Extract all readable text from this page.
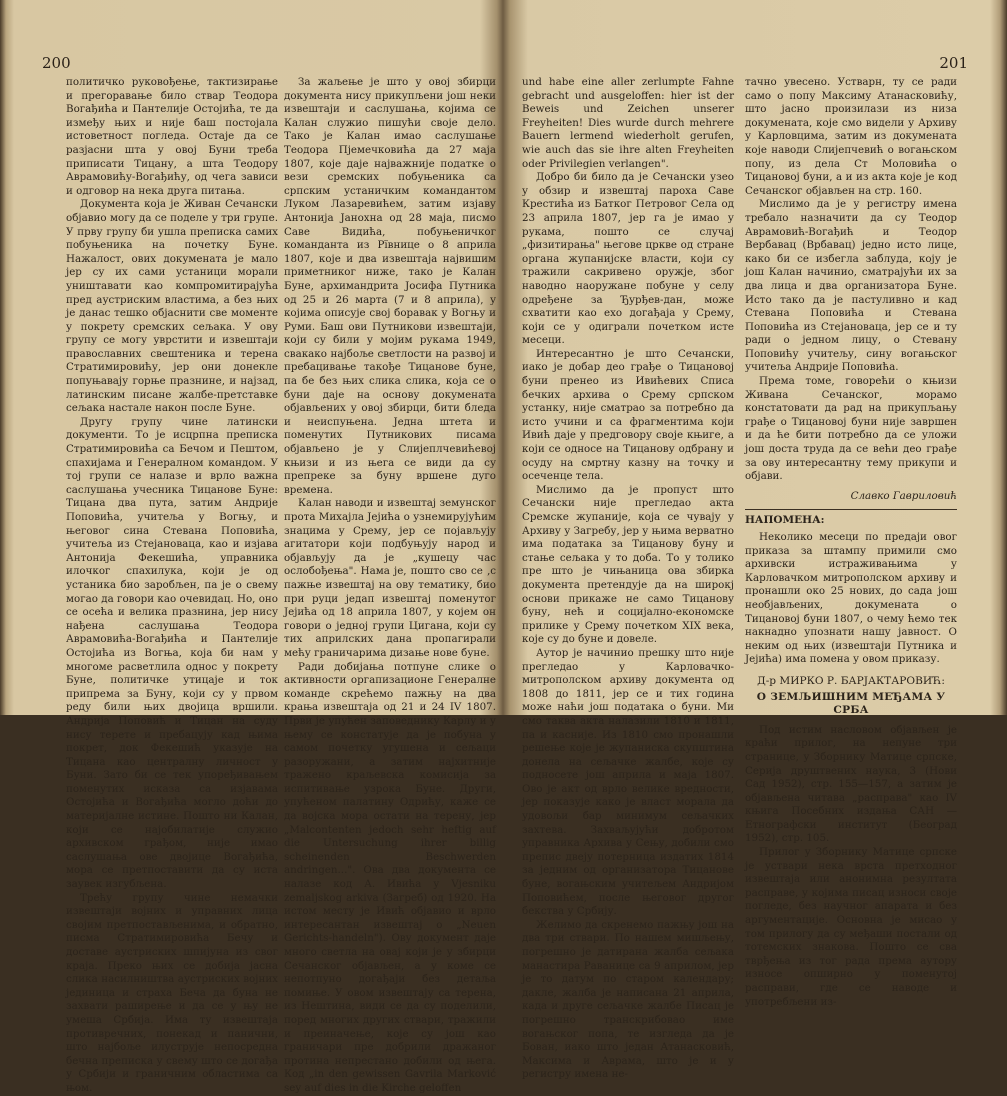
200

политичко руковођење, тактизирање и прегоравање било ствар Теодора Вогађића и Пантелије Остојића, те да између њих и није баш постојала истоветност погледа. Остаје да се разјасни шта у овој Буни треба приписати Тицану, а шта Теодору Аврамовићу-Вогађићу, од чега зависи и одговор на нека друга питања.

Документа која је Живан Сечански објавио могу да се поделе у три групе. У прву групу би ушла преписка самих побуњеника на почетку Буне. Нажалост, ових докумената је мало јер су их сами устаници морали уништавати као компромитирајућа пред аустриским властима, а без њих је данас тешко објаснити све моменте у покрету сремских сељака. У ову групу се могу уврстити и извештаји православних свештеника и терена Стратимировићу, јер они донекле попуњавају горње празнине, и најзад, латинским писане жалбе-претставке сељака насталe након после Буне.

Другу групу чине латински документи. То је исцрпна преписка Стратимировића са Бечом и Пештом, спахијама и Генералном командом. У тој групи се налазе и врло важна саслушања учесника Тицанове Буне: Тицана два пута, затим Андрије Поповића, учитеља у Вогњу, и његовог сина Стевана Поповића, учитеља из Стејановаца, као и изјава Антонија Фекешића, управника илочког спахилука, који је од устаника био заробљен, па је о свему могао да говори као очевидац. Но, оно се осећа и велика празнина, јер нису нађена саслушања Теодора Аврамовића-Вогађића и Пантелије Остојића из Вогња, која би нам у многоме расветлила однос у покрету Буне, политичке утицаје и ток припрема за Буну, који су у првом реду били њих двојица вршили. Андрија Поповић и Тицан на суду нису терете и пребацују кад њима покрет, док Фекешић указује на Тицана као централну личност у Буни. Зато би се тек упоређивањем поменутих исказа са изјавама Остојића и Вогађића могло доћи до материјалне истине. Пошто ни Калан, који се најобилатије служио архивском грађом, није имао саслушања ове двојице Вогађића, мора се претпоставити да су иста заувек изгубљена.

Трећу групу чине немачки извештаји војних и управних лица својим претпостављенима, и обратно, писма Стратимировића Бечу и доставе аустриских шпијуна из свог краја. Преко њих се добија јасна слика насилништва аустриских војних јединица и страха Беча да буна не захвати раширење и да се у њу не умеша Србија. Има ту извештаја противречних, понекад и панични, што најбоље илуструје непосредна бечна преписка у свему што се догађа у Србији и граничним областима са њом.

За жаљење је што у овој збирци документа нису прикупљени још неки извештаји и саслушања, којима се Калан служио пишући своје дело. Тако је Калан имао саслушање Теодора Пјемечковића да 27 маја 1807, које даје најважније податке о вези сремских побуњеника са српским устаничким командантом Луком Лазаревићем, затим изјаву Антонија Јанохна од 28 маја, писмо Саве Видића, побуњеничког команданта из Рївнице о 8 априла 1807, које и два извештаја највишим приметниког ниже, тако је Калан Буне, архимандрита Јосифа Путника од 25 и 26 марта (7 и 8 априла), у којима описује свој боравак у Вогњу и Руми. Баш ови Путникови извештаји, који су били у мојим рукама 1949, свакако најбоље светлости на развој и пребацивање такође Тицанове буне, па бе без њих слика слика, која се о буни даје на основу докумената објављених у овој збирци, бити бледа и неиспуњена. Једна штета и поменутих Путникових писама објављено је у Слијеплчевићевој књизи и из њега се види да су препреке за буну вршене дуго времена.

Калан наводи и извештај земунског прота Михајла Јејића о узнемирујућим знацима у Срему, јер се појављују агитатори који подбуњују народ и објављују да је „кушецу час ослобођења". Нама је, пошто сво се ‚с пажње извештај на ову тематику, био при руци једап извештај поменутог Јејића од 18 априла 1807, у којем он говори о једној групи Цигана, који су тих априлских дана пропагирали мећу граничарима дизање нове буне.

Ради добијања потпуне слике о активности оргапизационе Генералне команде скрећемо пажњу на два крања извештаја од 21 и 24 IV 1807. Први је упућен заповеднику Карлу и у њему се констатује да је побуна у самом почетку угушена и сељаци разоружани, а затим најхитније тражено краљевска комисија за испитивање узрока Буне. Други, упућеном палатину Одрићу, каже се да војска мора остати на терену, јер „Malcontenten jedoch sehr heftig auf die Untersuchung ihrer billig scheinenden Beschwerden andringen...". Ова два документа се налазе код А. Ивића у Vjesniku zemaljskog arkiva (Загреб) од 1920. На истом месту је Ивић објавио и врло интересантан извештај о „Neuen Gerichts-handeln"). Ову документ даје много светла на овај који је у збирци Сечанског објављен, а у коме се непотпуно догађаји без детаља помиње. У овом извештају са терена, из Нештина, види се да су поделили, поред многих других ствари, тражили и преиначење, које су још као граничари пре добрили дражаног протина непрестано добили од њега. Код „in den gewissen Gavrila Marković sey auf dies in die Kirche geloffen

201

und habe eine aller zerlumpte Fahne gebracht und ausgeloffen: hier ist der Beweis und Zeichen unserer Freyheiten! Dies wurde durch mehrere Bauern lermend wiederholt gerufen, wie auch das sie ihre alten Freyheiten oder Privilegien verlangen".

Добро би било да је Сечански узео у обзир и извештај пароха Саве Крестића из Батког Петровог Села од 23 априла 1807, јер га је имао у рукама, пошто се случај „физитирања" његове цркве од стране органа жупанијске власти, који су тражили сакривено оружје, због наводно наоружане побуне у селу одређене за Ђурђев-дан, може схватити као ехо догађаја у Срему, који се у одиграли почетком исте месеци.

Интересантно је што Сечански, иако је добар део грађе о Тицановој буни пренео из Ивићевих Списа бечких архива о Срему српском устанку, није сматрао за потребно да исто учини и са фрагментима који Ивић даје у предговору своје књиге, а који се односе на Тицанову одбрану и осуду на смртну казну на точку и осеченце тела.

Мислимо да је пропуст што Сечански није прегледао акта Сремске жупаније, која се чувају у Архиву у Загребу, јер у њима верватно има података за Тицанову буну и стање сељака у то доба. То у толико пре што је чињаница ова збирка документа претендује да на широкј основи прикаже не само Тицанову буну, нећ и социјално-економске прилике у Срему почетком XIX века, које су до буне и довеле.

Аутор је начинио прешку што није прегледао у Карловачко-митрополском архиву документа од 1808 до 1811, јер се и тих година може наћи још података о буни. Ми смо таква акта налазили 1810 и 1811, па и касније. Из 1810 смо пронашли решење које је жупаниска скупштина донела на сељачке жалбе, које су подносете још априла и маја 1807. Ово је акт од врло велике вредности, јер показује како је власт морала да удовољи бар минимум сељачких захтева. Захваљујући добротом управника Архива у Сењу, добили смо препис двеју потерница издатих 1814 за једним од организатора Тицанове буне, вогањским учитељем Андријом Поповићем, после његовог другог бекства у Србију.

Желимо да скренемо пажњу још на два три ствари. По нашем мишљењу, погрешно је датирана жалба сељака манастира Раванице са 9 априлом, јер је то датум по старом календару; дакле, жалба је написана 21 априла, када и друге сељачке жалбе Писац је погрешно транскрибовао име вогањског попа, те изгледа да је Бован, иако што један Атанасковић, Максима и Аврама, што је и у регистру имена не-

тачно увесено. Устварн, ту се ради само о попу Максиму Атанасковићу, што јасно произилази из низа докумената, које смо видели у Архиву у Карловцима, затим из докумената које наводи Слијепчевић о вогањском попу, из дела Ст Моловића о Тицановој буни, а и из акта које је код Сечанског објављен на стр. 160.

Мислимо да је у регистру имена требало назначити да су Теодор Аврамовић-Вогађић и Теодор Вербавац (Врбавац) једно исто лице, како би се избегла заблуда, коју је још Калан начинио, сматрајући их за два лица и два организатора Буне. Исто тако да је пастуливно и кад Стевана Поповића и Стевана Поповића из Стејановаца, јер се и ту ради о једном лицу, о Стевану Поповићу учитељу, сину вогањског учитеља Андрије Поповића.

Према томе, говорећи о књизи Живана Сечанског, морамо констатовати да рад на прикупљању грађе о Тицановој буни није завршен и да ће бити потребно да се уложи још доста труда да се већи део грађе за ову интересантну тему прикупи и објави.

Славко Гавриловић
НАПОМЕНА:

Неколико месеци по предаји овог приказа за штампу примили смо архивски истраживањима у Карловачком митрополском архиву и пронашли око 25 нових, до сада још необјављених, докумената о Тицановој буни 1807, о чему ћемо тек накнадно упознати нашу јавност. О неким од њих (извештаји Путника и Јејића) има помена у овом приказу.

Д-р МИРКО Р. БАРЈАКТАРОВИЋ:
О ЗЕМЉИШНИМ МЕЂАМА У СРБА

Под истим насловом објављен је краћи прилог, на непуне три странице, у Зборнику Матице српске, Серија друштвених наука, 3 (Нови Сад 1952), стр. 155—157, а затим је објављена читава „расправа" као IV књига Посебних издања САН — Етнографски институт (Београд 1952), стр. 105.

Прилог у Зборнику Матице српске је уствари нека врста претходног извештаја или анонимна резултата расправе, у којима писац износи своје погледе, без научног апарата и без аргументације. Основна је мисао у том прилогу да су међаши постали од тотемских знакова. Пошто се сва тврђења из тог рада према аутору износе опширно у поменутој расправи, где се наводе и употребљени из-
